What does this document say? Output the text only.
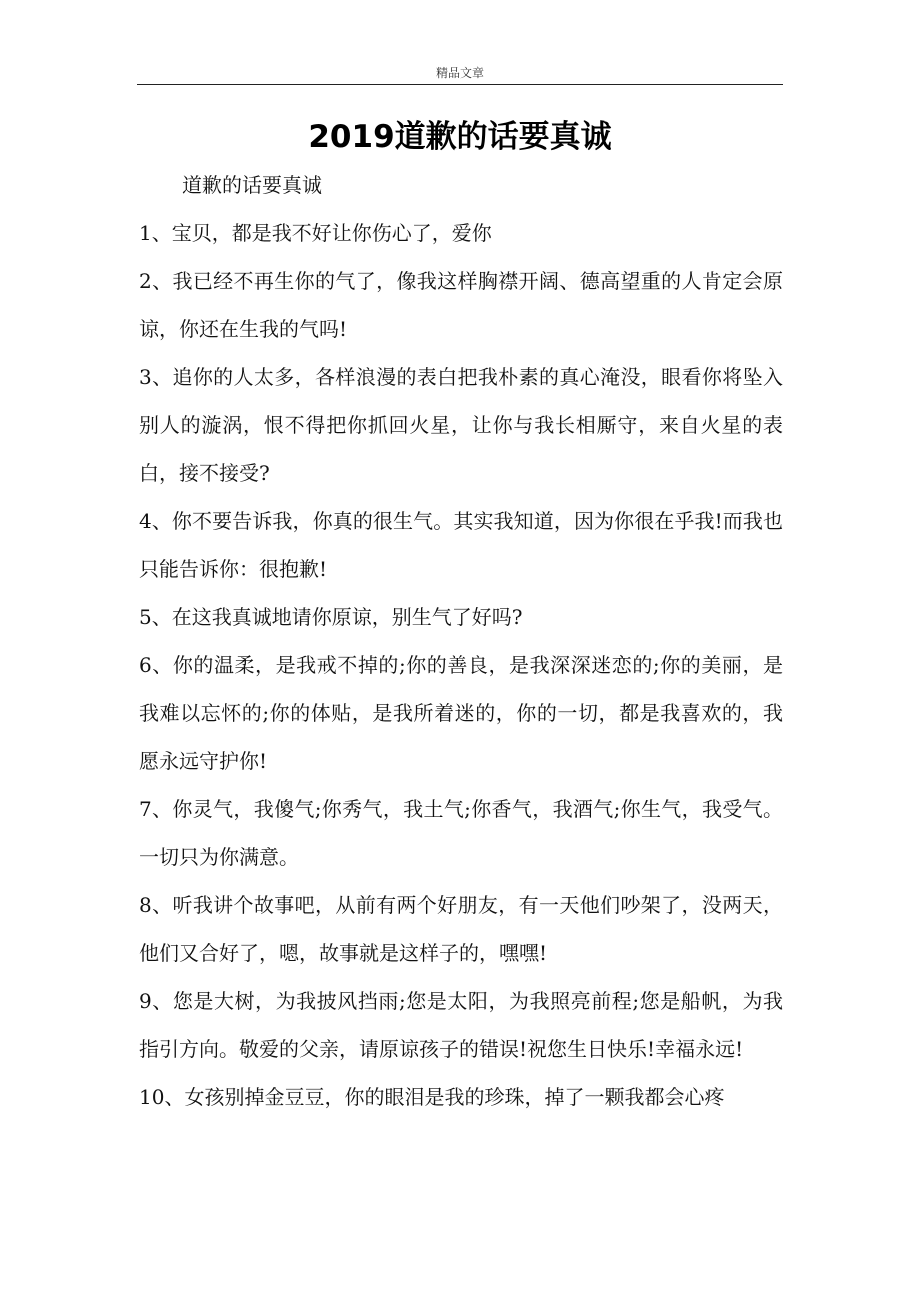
精品文章
2019道歉的话要真诚

道歉的话要真诚

1、宝贝，都是我不好让你伤心了，爱你

2、我已经不再生你的气了，像我这样胸襟开阔、德高望重的人肯定会原谅，你还在生我的气吗!

3、追你的人太多，各样浪漫的表白把我朴素的真心淹没，眼看你将坠入别人的漩涡，恨不得把你抓回火星，让你与我长相厮守，来自火星的表白，接不接受?

4、你不要告诉我，你真的很生气。其实我知道，因为你很在乎我!而我也只能告诉你：很抱歉!

5、在这我真诚地请你原谅，别生气了好吗?

6、你的温柔，是我戒不掉的;你的善良，是我深深迷恋的;你的美丽，是我难以忘怀的;你的体贴，是我所着迷的，你的一切，都是我喜欢的，我愿永远守护你!

7、你灵气，我傻气;你秀气，我土气;你香气，我酒气;你生气，我受气。一切只为你满意。

8、听我讲个故事吧，从前有两个好朋友，有一天他们吵架了，没两天，他们又合好了，嗯，故事就是这样子的，嘿嘿!

9、您是大树，为我披风挡雨;您是太阳，为我照亮前程;您是船帆，为我指引方向。敬爱的父亲，请原谅孩子的错误!祝您生日快乐!幸福永远!

10、女孩别掉金豆豆，你的眼泪是我的珍珠，掉了一颗我都会心疼
